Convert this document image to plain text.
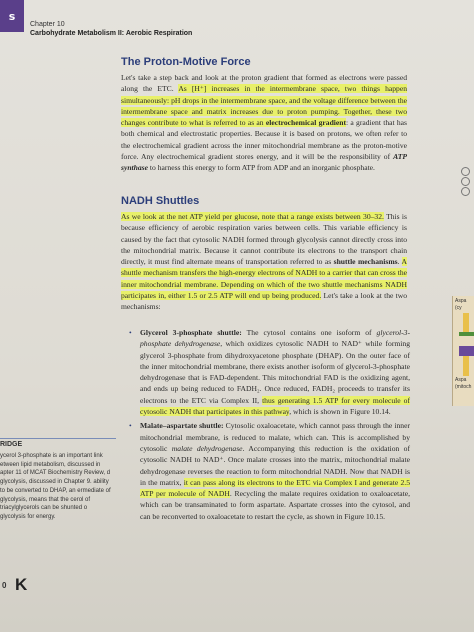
s
Chapter 10
Carbohydrate Metabolism II: Aerobic Respiration
The Proton-Motive Force

Let's take a step back and look at the proton gradient that formed as electrons were passed along the ETC. As [H⁺] increases in the intermembrane space, two things happen simultaneously: pH drops in the intermembrane space, and the voltage difference between the intermembrane space and matrix increases due to proton pumping. Together, these two changes contribute to what is referred to as an electrochemical gradient: a gradient that has both chemical and electrostatic properties. Because it is based on protons, we often refer to the electrochemical gradient across the inner mitochondrial membrane as the proton-motive force. Any electrochemical gradient stores energy, and it will be the responsibility of ATP synthase to harness this energy to form ATP from ADP and an inorganic phosphate.

NADH Shuttles

As we look at the net ATP yield per glucose, note that a range exists between 30–32. This is because efficiency of aerobic respiration varies between cells. This variable efficiency is caused by the fact that cytosolic NADH formed through glycolysis cannot directly cross into the mitochondrial matrix. Because it cannot contribute its electrons to the transport chain directly, it must find alternate means of transportation referred to as shuttle mechanisms. A shuttle mechanism transfers the high-energy electrons of NADH to a carrier that can cross the inner mitochondrial membrane. Depending on which of the two shuttle mechanisms NADH participates in, either 1.5 or 2.5 ATP will end up being produced. Let's take a look at the two mechanisms:

• Glycerol 3-phosphate shuttle: The cytosol contains one isoform of glycerol-3-phosphate dehydrogenase, which oxidizes cytosolic NADH to NAD⁺ while forming glycerol 3-phosphate from dihydroxyacetone phosphate (DHAP). On the outer face of the inner mitochondrial membrane, there exists another isoform of glycerol-3-phosphate dehydrogenase that is FAD-dependent. This mitochondrial FAD is the oxidizing agent, and ends up being reduced to FADH₂. Once reduced, FADH₂ proceeds to transfer its electrons to the ETC via Complex II, thus generating 1.5 ATP for every molecule of cytosolic NADH that participates in this pathway, which is shown in Figure 10.14.
• Malate–aspartate shuttle: Cytosolic oxaloacetate, which cannot pass through the inner mitochondrial membrane, is reduced to malate, which can. This is accomplished by cytosolic malate dehydrogenase. Accompanying this reduction is the oxidation of cytosolic NADH to NAD⁺. Once malate crosses into the matrix, mitochondrial malate dehydrogenase reverses the reaction to form mitochondrial NADH. Now that NADH is in the matrix, it can pass along its electrons to the ETC via Complex I and generate 2.5 ATP per molecule of NADH. Recycling the malate requires oxidation to oxaloacetate, which can be transaminated to form aspartate. Aspartate crosses into the cytosol, and can be reconverted to oxaloacetate to restart the cycle, as shown in Figure 10.15.
RIDGE
ycerol 3-phosphate is an important link etween lipid metabolism, discussed in apter 11 of MCAT Biochemistry Review, d glycolysis, discussed in Chapter 9. ability to be converted to DHAP, an ermediate of glycolysis, means that the cerol of triacylglycerols can be shunted o glycolysis for energy.
Aspa
(cy
Aspa
(mitoch
0 K
